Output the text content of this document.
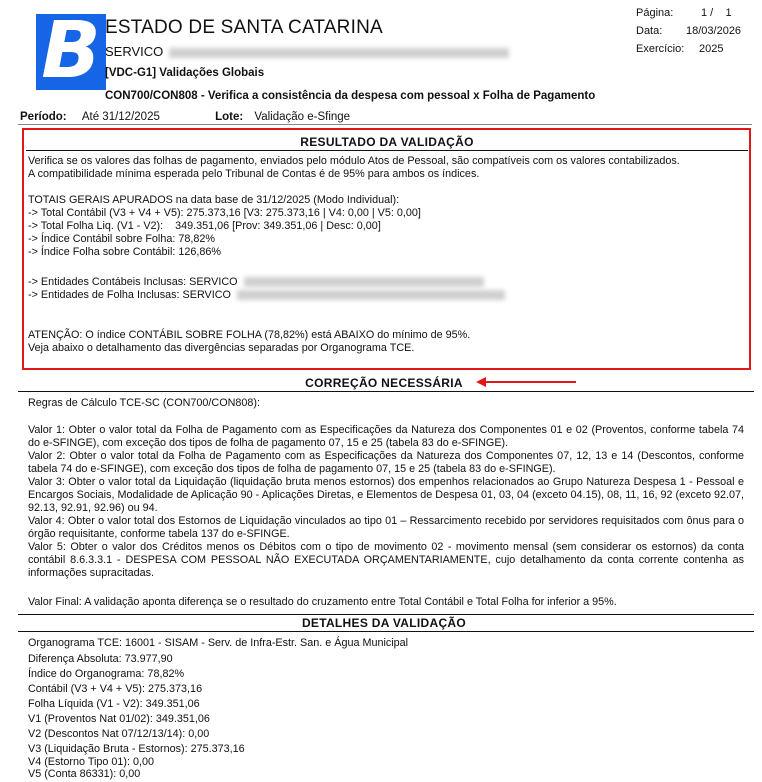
B ESTADO DE SANTA CATARINA
SERVICO
[VDC-G1] Validações Globais
CON700/CON808 - Verifica a consistência da despesa com pessoal x Folha de Pagamento
Página:	1 /    1
Data: 18/03/2026
Exercício: 2025
Período: Até 31/12/2025	Lote: Validação e-Sfinge
RESULTADO DA VALIDAÇÃO
Verifica se os valores das folhas de pagamento, enviados pelo módulo Atos de Pessoal, são compatíveis com os valores contabilizados.
A compatibilidade mínima esperada pelo Tribunal de Contas é de 95% para ambos os índices.
TOTAIS GERAIS APURADOS na data base de 31/12/2025 (Modo Individual):
-> Total Contábil (V3 + V4 + V5): 275.373,16 [V3: 275.373,16 | V4: 0,00 | V5: 0,00]
-> Total Folha Liq. (V1 - V2):    349.351,06 [Prov: 349.351,06 | Desc: 0,00]
-> Índice Contábil sobre Folha: 78,82%
-> Índice Folha sobre Contábil: 126,86%
-> Entidades Contábeis Inclusas: SERVICO
-> Entidades de Folha Inclusas: SERVICO
ATENÇÃO: O índice CONTÁBIL SOBRE FOLHA (78,82%) está ABAIXO do mínimo de 95%.
Veja abaixo o detalhamento das divergências separadas por Organograma TCE.
CORREÇÃO NECESSÁRIA
Regras de Cálculo TCE-SC (CON700/CON808):
Valor 1: Obter o valor total da Folha de Pagamento com as Especificações da Natureza dos Componentes 01 e 02 (Proventos, conforme tabela 74 do e-SFINGE), com exceção dos tipos de folha de pagamento 07, 15 e 25 (tabela 83 do e-SFINGE).
Valor 2: Obter o valor total da Folha de Pagamento com as Especificações da Natureza dos Componentes 07, 12, 13 e 14 (Descontos, conforme tabela 74 do e-SFINGE), com exceção dos tipos de folha de pagamento 07, 15 e 25 (tabela 83 do e-SFINGE).
Valor 3: Obter o valor total da Liquidação (liquidação bruta menos estornos) dos empenhos relacionados ao Grupo Natureza Despesa 1 - Pessoal e Encargos Sociais, Modalidade de Aplicação 90 - Aplicações Diretas, e Elementos de Despesa 01, 03, 04 (exceto 04.15), 08, 11, 16, 92 (exceto 92.07, 92.13, 92.91, 92.96) ou 94.
Valor 4: Obter o valor total dos Estornos de Liquidação vinculados ao tipo 01 – Ressarcimento recebido por servidores requisitados com ônus para o órgão requisitante, conforme tabela 137 do e-SFINGE.
Valor 5: Obter o valor dos Créditos menos os Débitos com o tipo de movimento 02 - movimento mensal (sem considerar os estornos) da conta contábil 8.6.3.3.1 - DESPESA COM PESSOAL NÃO EXECUTADA ORÇAMENTARIAMENTE, cujo detalhamento da conta corrente contenha as informações supracitadas.
Valor Final: A validação aponta diferença se o resultado do cruzamento entre Total Contábil e Total Folha for inferior a 95%.
DETALHES DA VALIDAÇÃO
Organograma TCE: 16001 - SISAM - Serv. de Infra-Estr. San. e Água Municipal
Diferença Absoluta: 73.977,90
Índice do Organograma: 78,82%
Contábil (V3 + V4 + V5): 275.373,16
Folha Líquida (V1 - V2): 349.351,06
V1 (Proventos Nat 01/02): 349.351,06
V2 (Descontos Nat 07/12/13/14): 0,00
V3 (Liquidação Bruta - Estornos): 275.373,16
V4 (Estorno Tipo 01): 0,00
V5 (Conta 86331): 0,00
